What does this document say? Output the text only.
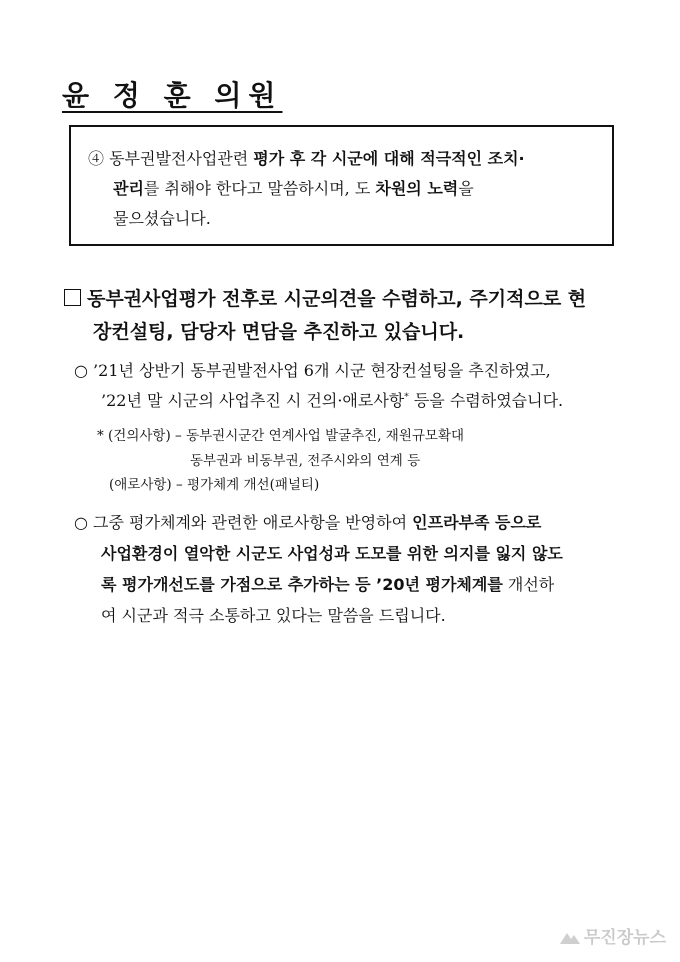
윤 정 훈 의원
④ 동부권발전사업관련 평가 후 각 시군에 대해 적극적인 조치·
관리를 취해야 한다고 말씀하시며, 도 차원의 노력을
물으셨습니다.
동부권사업평가 전후로 시군의견을 수렴하고, 주기적으로 현
장컨설팅, 담당자 면담을 추진하고 있습니다.
○ ’21년 상반기 동부권발전사업 6개 시군 현장컨설팅을 추진하였고,
’22년 말 시군의 사업추진 시 건의·애로사항* 등을 수렴하였습니다.
* (건의사항) – 동부권시군간 연계사업 발굴추진, 재원규모확대
동부권과 비동부권, 전주시와의 연계 등
(애로사항) – 평가체계 개선(패널티)
○ 그중 평가체계와 관련한 애로사항을 반영하여 인프라부족 등으로
사업환경이 열악한 시군도 사업성과 도모를 위한 의지를 잃지 않도
록 평가개선도를 가점으로 추가하는 등 ’20년 평가체계를 개선하
여 시군과 적극 소통하고 있다는 말씀을 드립니다.
무진장뉴스
